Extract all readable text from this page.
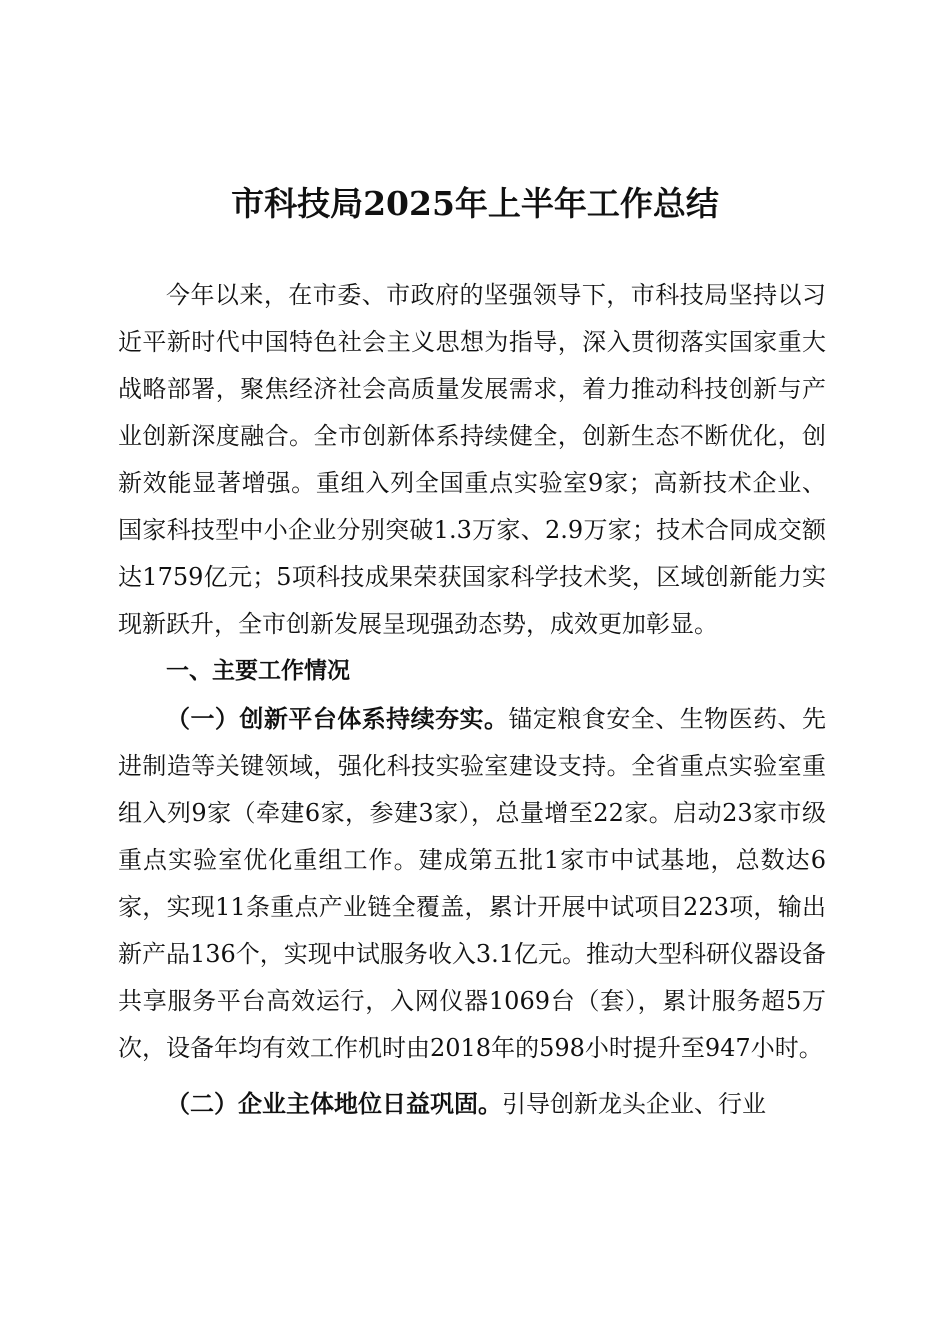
市科技局2025年上半年工作总结

今年以来，在市委、市政府的坚强领导下，市科技局坚持以习近平新时代中国特色社会主义思想为指导，深入贯彻落实国家重大战略部署，聚焦经济社会高质量发展需求，着力推动科技创新与产业创新深度融合。全市创新体系持续健全，创新生态不断优化，创新效能显著增强。重组入列全国重点实验室9家；高新技术企业、国家科技型中小企业分别突破1.3万家、2.9万家；技术合同成交额达1759亿元；5项科技成果荣获国家科学技术奖，区域创新能力实现新跃升，全市创新发展呈现强劲态势，成效更加彰显。

一、主要工作情况

（一）创新平台体系持续夯实。锚定粮食安全、生物医药、先进制造等关键领域，强化科技实验室建设支持。全省重点实验室重组入列9家（牵建6家，参建3家），总量增至22家。启动23家市级重点实验室优化重组工作。建成第五批1家市中试基地，总数达6家，实现11条重点产业链全覆盖，累计开展中试项目223项，输出新产品136个，实现中试服务收入3.1亿元。推动大型科研仪器设备共享服务平台高效运行，入网仪器1069台（套），累计服务超5万次，设备年均有效工作机时由2018年的598小时提升至947小时。

（二）企业主体地位日益巩固。引导创新龙头企业、行业
